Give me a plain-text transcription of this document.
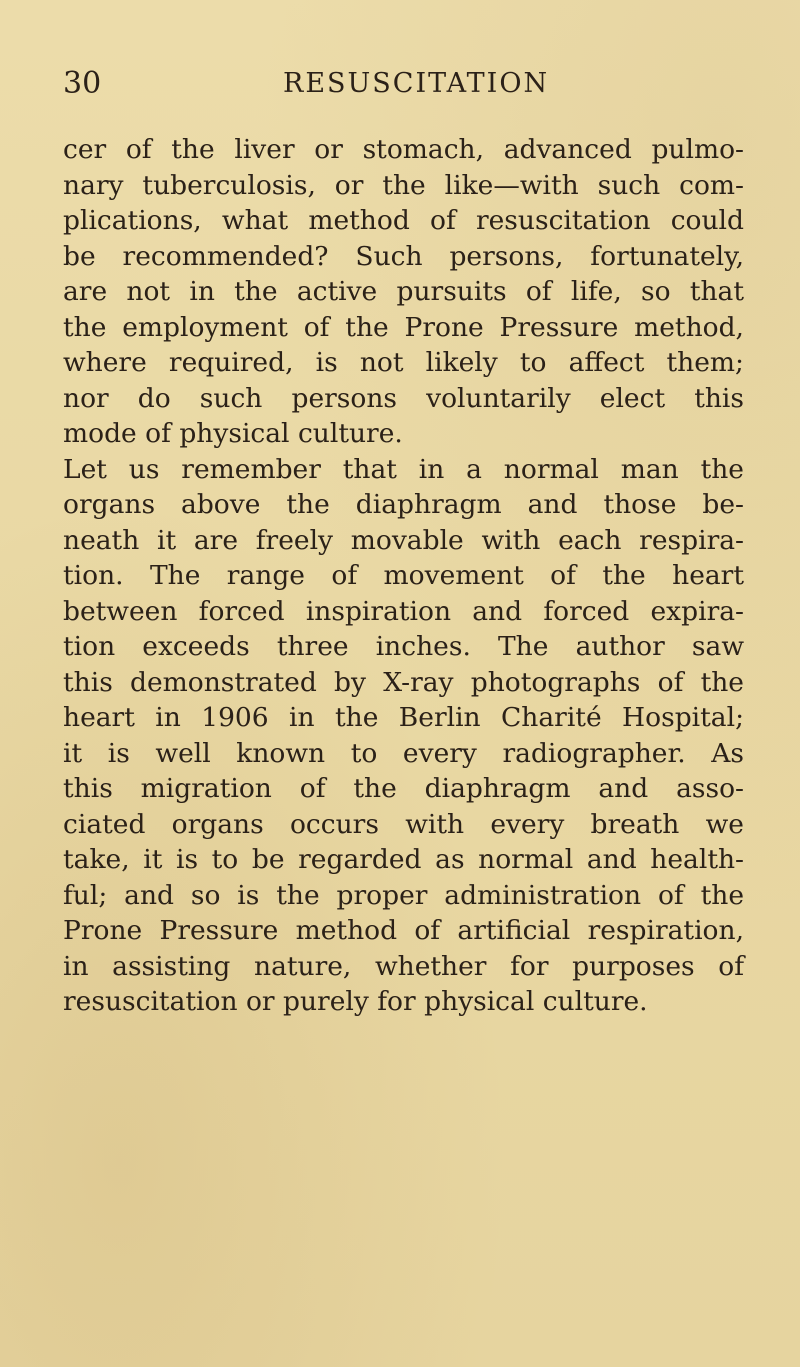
30	RESUSCITATION
cer of the liver or stomach, advanced pulmo-
nary tuberculosis, or the like—with such com-
plications, what method of resuscitation could
be recommended? Such persons, fortunately,
are not in the active pursuits of life, so that
the employment of the Prone Pressure method,
where required, is not likely to affect them;
nor do such persons voluntarily elect this
mode of physical culture.
Let us remember that in a normal man the
organs above the diaphragm and those be-
neath it are freely movable with each respira-
tion. The range of movement of the heart
between forced inspiration and forced expira-
tion exceeds three inches. The author saw
this demonstrated by X-ray photographs of the
heart in 1906 in the Berlin Charité Hospital;
it is well known to every radiographer. As
this migration of the diaphragm and asso-
ciated organs occurs with every breath we
take, it is to be regarded as normal and health-
ful; and so is the proper administration of the
Prone Pressure method of artificial respiration,
in assisting nature, whether for purposes of
resuscitation or purely for physical culture.
